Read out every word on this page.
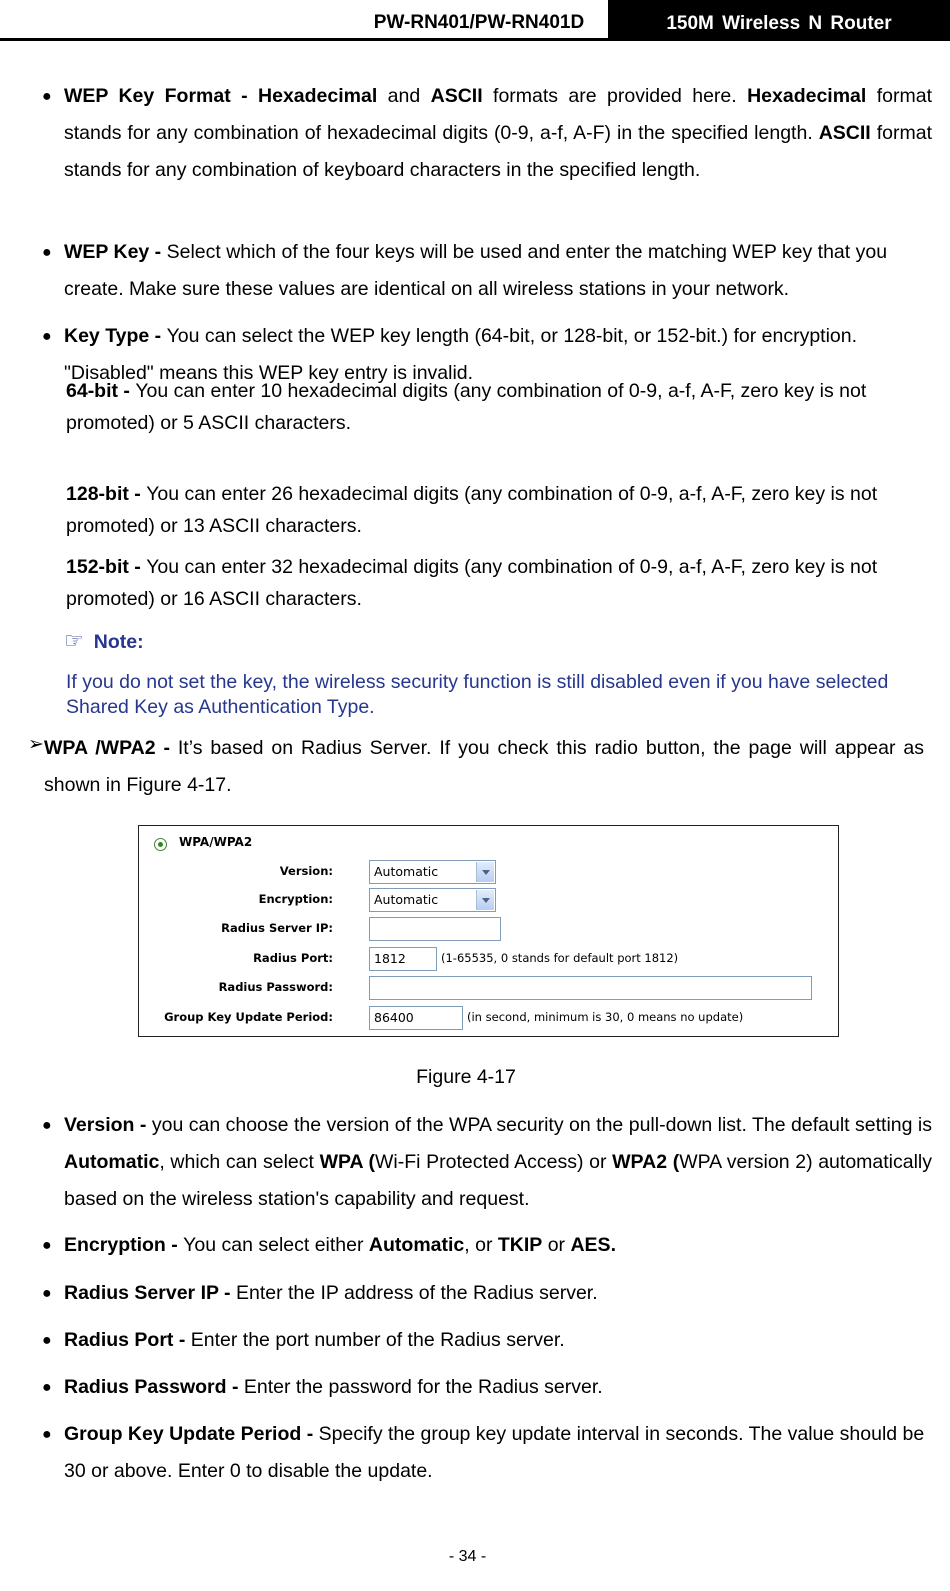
PW-RN401/PW-RN401D	150M Wireless N Router
● WEP Key Format - Hexadecimal and ASCII formats are provided here. Hexadecimal format stands for any combination of hexadecimal digits (0-9, a-f, A-F) in the specified length. ASCII format stands for any combination of keyboard characters in the specified length.
● WEP Key - Select which of the four keys will be used and enter the matching WEP key that you create. Make sure these values are identical on all wireless stations in your network.
● Key Type - You can select the WEP key length (64-bit, or 128-bit, or 152-bit.) for encryption. "Disabled" means this WEP key entry is invalid.
64-bit - You can enter 10 hexadecimal digits (any combination of 0-9, a-f, A-F, zero key is not promoted) or 5 ASCII characters.
128-bit - You can enter 26 hexadecimal digits (any combination of 0-9, a-f, A-F, zero key is not promoted) or 13 ASCII characters.
152-bit - You can enter 32 hexadecimal digits (any combination of 0-9, a-f, A-F, zero key is not promoted) or 16 ASCII characters.
☞ Note:
If you do not set the key, the wireless security function is still disabled even if you have selected Shared Key as Authentication Type.
➢ WPA /WPA2 - It’s based on Radius Server. If you check this radio button, the page will appear as shown in Figure 4-17.
WPA/WPA2
Version:	Automatic
Encryption:	Automatic
Radius Server IP:
Radius Port:	1812	(1-65535, 0 stands for default port 1812)
Radius Password:
Group Key Update Period:	86400	(in second, minimum is 30, 0 means no update)
Figure 4-17
● Version - you can choose the version of the WPA security on the pull-down list. The default setting is Automatic, which can select WPA (Wi-Fi Protected Access) or WPA2 (WPA version 2) automatically based on the wireless station's capability and request.
● Encryption - You can select either Automatic, or TKIP or AES.
● Radius Server IP - Enter the IP address of the Radius server.
● Radius Port - Enter the port number of the Radius server.
● Radius Password - Enter the password for the Radius server.
● Group Key Update Period - Specify the group key update interval in seconds. The value should be 30 or above. Enter 0 to disable the update.
- 34 -
